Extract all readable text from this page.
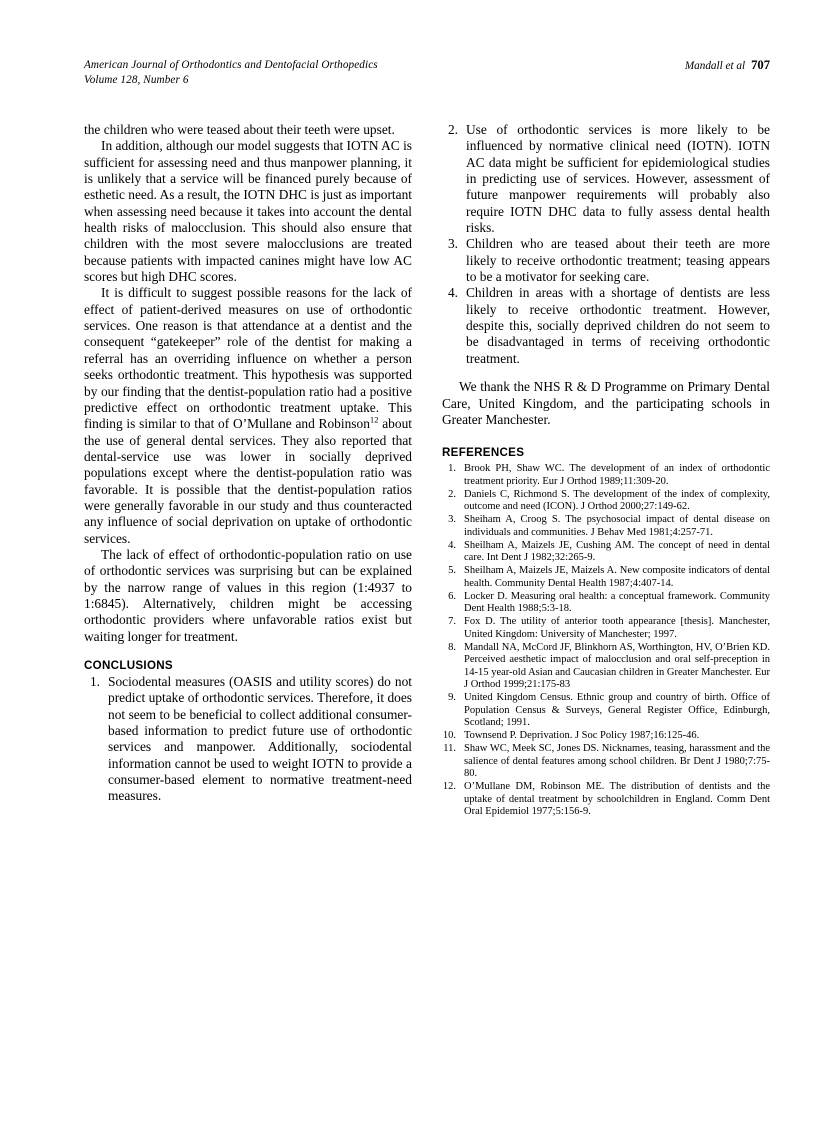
American Journal of Orthodontics and Dentofacial Orthopedics
Volume 128, Number 6
Mandall et al 707

the children who were teased about their teeth were upset.

In addition, although our model suggests that IOTN AC is sufficient for assessing need and thus manpower planning, it is unlikely that a service will be financed purely because of esthetic need. As a result, the IOTN DHC is just as important when assessing need because it takes into account the dental health risks of malocclusion. This should also ensure that children with the most severe malocclusions are treated because patients with impacted canines might have low AC scores but high DHC scores.

It is difficult to suggest possible reasons for the lack of effect of patient-derived measures on use of orthodontic services. One reason is that attendance at a dentist and the consequent “gatekeeper” role of the dentist for making a referral has an overriding influence on whether a person seeks orthodontic treatment. This hypothesis was supported by our finding that the dentist-population ratio had a positive predictive effect on orthodontic treatment uptake. This finding is similar to that of O’Mullane and Robinson$^{12}$ about the use of general dental services. They also reported that dental-service use was lower in socially deprived populations except where the dentist-population ratio was favorable. It is possible that the dentist-population ratios were generally favorable in our study and thus counteracted any influence of social deprivation on uptake of orthodontic services.

The lack of effect of orthodontic-population ratio on use of orthodontic services was surprising but can be explained by the narrow range of values in this region (1:4937 to 1:6845). Alternatively, children might be accessing orthodontic providers where unfavorable ratios exist but waiting longer for treatment.

CONCLUSIONS
1. Sociodental measures (OASIS and utility scores) do not predict uptake of orthodontic services. Therefore, it does not seem to be beneficial to collect additional consumer-based information to predict future use of orthodontic services and manpower. Additionally, sociodental information cannot be used to weight IOTN to provide a consumer-based element to normative treatment-need measures.
2. Use of orthodontic services is more likely to be influenced by normative clinical need (IOTN). IOTN AC data might be sufficient for epidemiological studies in predicting use of services. However, assessment of future manpower requirements will probably also require IOTN DHC data to fully assess dental health risks.
3. Children who are teased about their teeth are more likely to receive orthodontic treatment; teasing appears to be a motivator for seeking care.
4. Children in areas with a shortage of dentists are less likely to receive orthodontic treatment. However, despite this, socially deprived children do not seem to be disadvantaged in terms of receiving orthodontic treatment.

We thank the NHS R & D Programme on Primary Dental Care, United Kingdom, and the participating schools in Greater Manchester.

REFERENCES
1. Brook PH, Shaw WC. The development of an index of orthodontic treatment priority. Eur J Orthod 1989;11:309-20.
2. Daniels C, Richmond S. The development of the index of complexity, outcome and need (ICON). J Orthod 2000;27:149-62.
3. Sheiham A, Croog S. The psychosocial impact of dental disease on individuals and communities. J Behav Med 1981;4:257-71.
4. Sheilham A, Maizels JE, Cushing AM. The concept of need in dental care. Int Dent J 1982;32:265-9.
5. Sheilham A, Maizels JE, Maizels A. New composite indicators of dental health. Community Dental Health 1987;4:407-14.
6. Locker D. Measuring oral health: a conceptual framework. Community Dent Health 1988;5:3-18.
7. Fox D. The utility of anterior tooth appearance [thesis]. Manchester, United Kingdom: University of Manchester; 1997.
8. Mandall NA, McCord JF, Blinkhorn AS, Worthington, HV, O’Brien KD. Perceived aesthetic impact of malocclusion and oral self-preception in 14-15 year-old Asian and Caucasian children in Greater Manchester. Eur J Orthod 1999;21:175-83
9. United Kingdom Census. Ethnic group and country of birth. Office of Population Census & Surveys, General Register Office, Edinburgh, Scotland; 1991.
10. Townsend P. Deprivation. J Soc Policy 1987;16:125-46.
11. Shaw WC, Meek SC, Jones DS. Nicknames, teasing, harassment and the salience of dental features among school children. Br Dent J 1980;7:75-80.
12. O’Mullane DM, Robinson ME. The distribution of dentists and the uptake of dental treatment by schoolchildren in England. Comm Dent Oral Epidemiol 1977;5:156-9.
